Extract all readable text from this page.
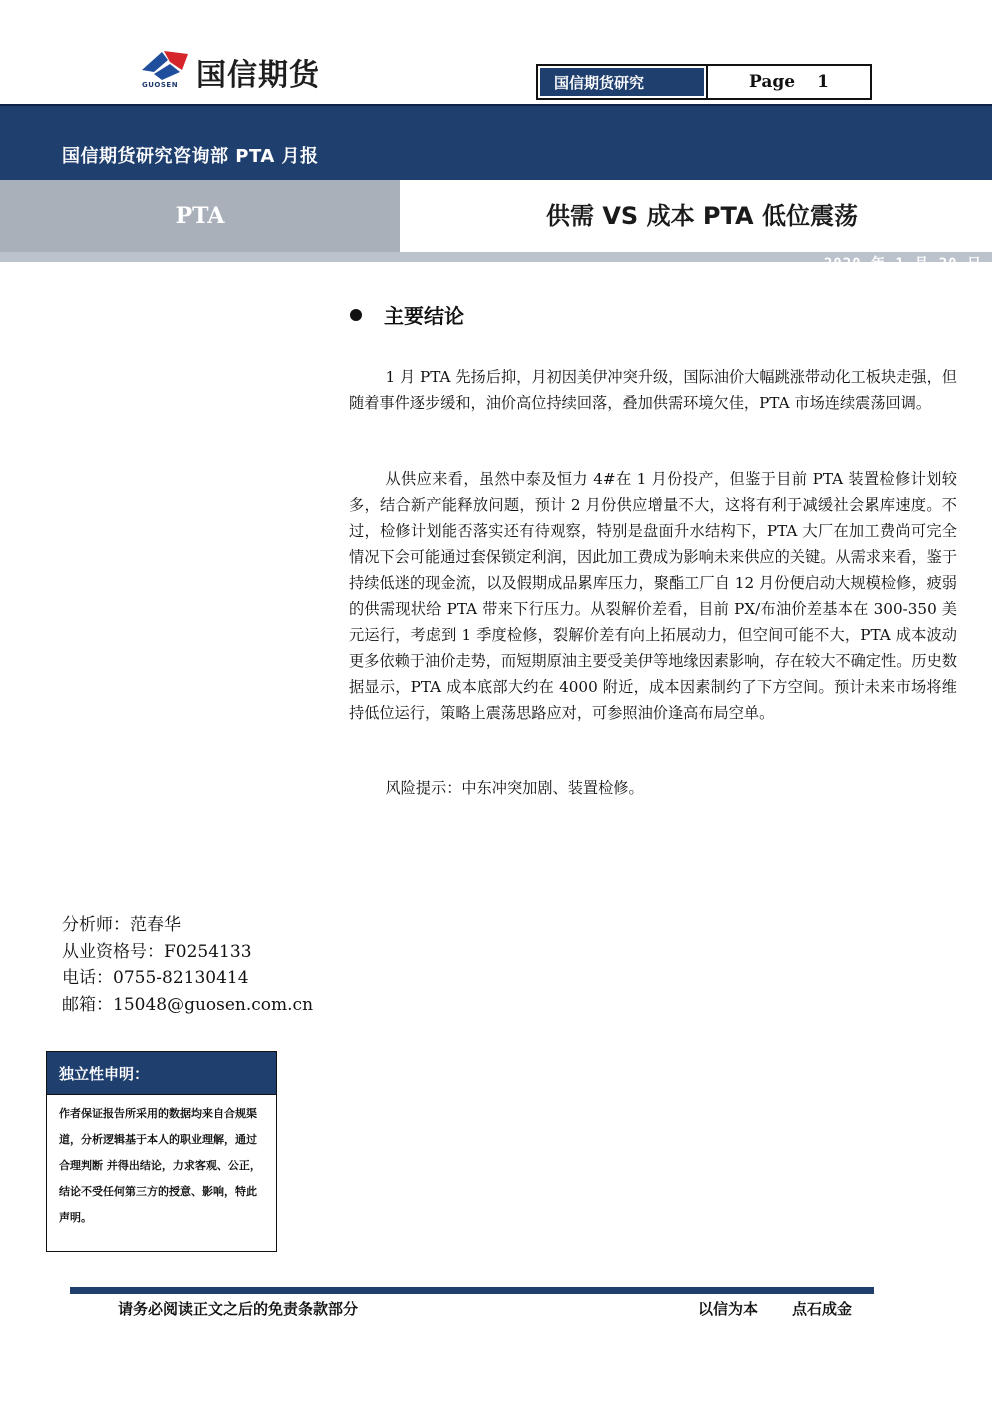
国信期货
GUOSEN	国信期货研究	Page 1
国信期货研究咨询部 PTA 月报
PTA	供需 VS 成本 PTA 低位震荡
2020 年 1 月 20 日
主要结论
1 月 PTA 先扬后抑，月初因美伊冲突升级，国际油价大幅跳涨带动化工板块走强，但随着事件逐步缓和，油价高位持续回落，叠加供需环境欠佳，PTA 市场连续震荡回调。
从供应来看，虽然中泰及恒力 4#在 1 月份投产，但鉴于目前 PTA 装置检修计划较多，结合新产能释放问题，预计 2 月份供应增量不大，这将有利于减缓社会累库速度。不过，检修计划能否落实还有待观察，特别是盘面升水结构下，PTA 大厂在加工费尚可完全情况下会可能通过套保锁定利润，因此加工费成为影响未来供应的关键。从需求来看，鉴于持续低迷的现金流，以及假期成品累库压力，聚酯工厂自 12 月份便启动大规模检修，疲弱的供需现状给 PTA 带来下行压力。从裂解价差看，目前 PX/布油价差基本在 300-350 美元运行，考虑到 1 季度检修，裂解价差有向上拓展动力，但空间可能不大，PTA 成本波动更多依赖于油价走势，而短期原油主要受美伊等地缘因素影响，存在较大不确定性。历史数据显示，PTA 成本底部大约在 4000 附近，成本因素制约了下方空间。预计未来市场将维持低位运行，策略上震荡思路应对，可参照油价逢高布局空单。
风险提示：中东冲突加剧、装置检修。
分析师：范春华
从业资格号：F0254133
电话：0755-82130414
邮箱：15048@guosen.com.cn
独立性申明：
作者保证报告所采用的数据均来自合规渠道，分析逻辑基于本人的职业理解，通过合理判断 并得出结论，力求客观、公正，结论不受任何第三方的授意、影响，特此声明。
请务必阅读正文之后的免责条款部分	以信为本 点石成金
